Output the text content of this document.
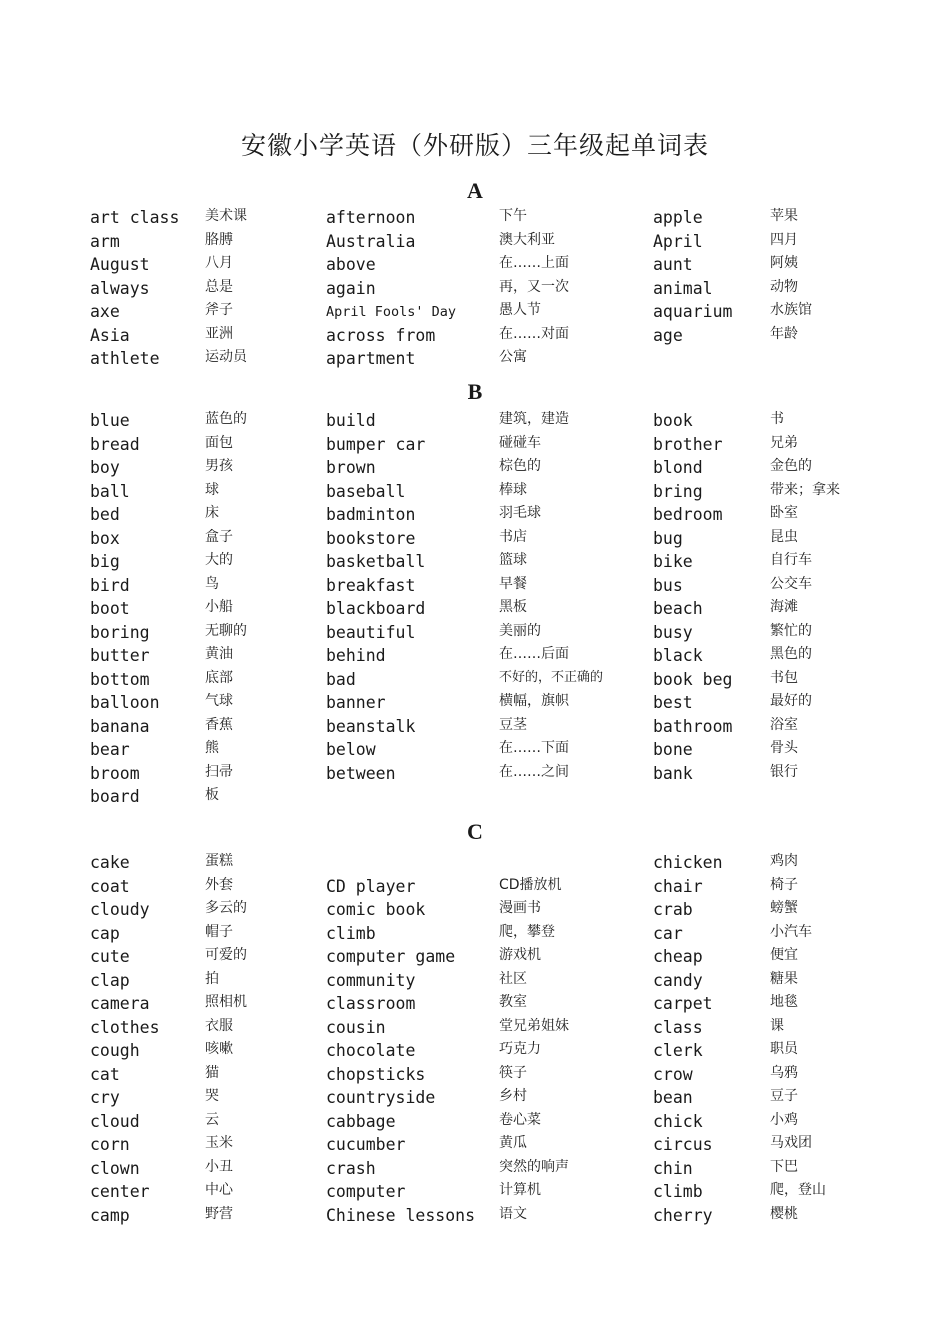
安徽小学英语（外研版）三年级起单词表
A
art class 美术课
arm	胳膊
August	八月
always	总是
axe	斧子
Asia	亚洲
athlete	运动员
afternoon	下午
Australia	澳大利亚
above	在……上面
again	再，又一次
April Fools' Day	愚人节
across from	在……对面
apartment	公寓
apple	苹果
April	四月
aunt	阿姨
animal	动物
aquarium	水族馆
age	年龄
B
blue	蓝色的
bread	面包
boy	男孩
ball	球
bed	床
box	盒子
big	大的
bird	鸟
boot	小船
boring	无聊的
butter	黄油
bottom	底部
balloon	气球
banana	香蕉
bear	熊
broom	扫帚
board	板
build	建筑，建造
bumper car	碰碰车
brown	棕色的
baseball	棒球
badminton	羽毛球
bookstore	书店
basketball	篮球
breakfast	早餐
blackboard	黑板
beautiful	美丽的
behind	在……后面
bad	不好的，不正确的
banner	横幅，旗帜
beanstalk	豆茎
below	在……下面
between	在……之间
book	书
brother	兄弟
blond	金色的
bring	带来；拿来
bedroom	卧室
bug	昆虫
bike	自行车
bus	公交车
beach	海滩
busy	繁忙的
black	黑色的
book beg	书包
best	最好的
bathroom	浴室
bone	骨头
bank	银行
C
cake	蛋糕
coat	外套
cloudy	多云的
cap	帽子
cute	可爱的
clap	拍
camera	照相机
clothes	衣服
cough	咳嗽
cat	猫
cry	哭
cloud	云
corn	玉米
clown	小丑
center	中心
camp	野营
CD player	CD播放机
comic book	漫画书
climb	爬，攀登
computer game	游戏机
community	社区
classroom	教室
cousin	堂兄弟姐妹
chocolate	巧克力
chopsticks	筷子
countryside	乡村
cabbage	卷心菜
cucumber	黄瓜
crash	突然的响声
computer	计算机
Chinese lessons 语文
chicken	鸡肉
chair	椅子
crab	螃蟹
car	小汽车
cheap	便宜
candy	糖果
carpet	地毯
class	课
clerk	职员
crow	乌鸦
bean	豆子
chick	小鸡
circus	马戏团
chin	下巴
climb	爬，登山
cherry	樱桃
